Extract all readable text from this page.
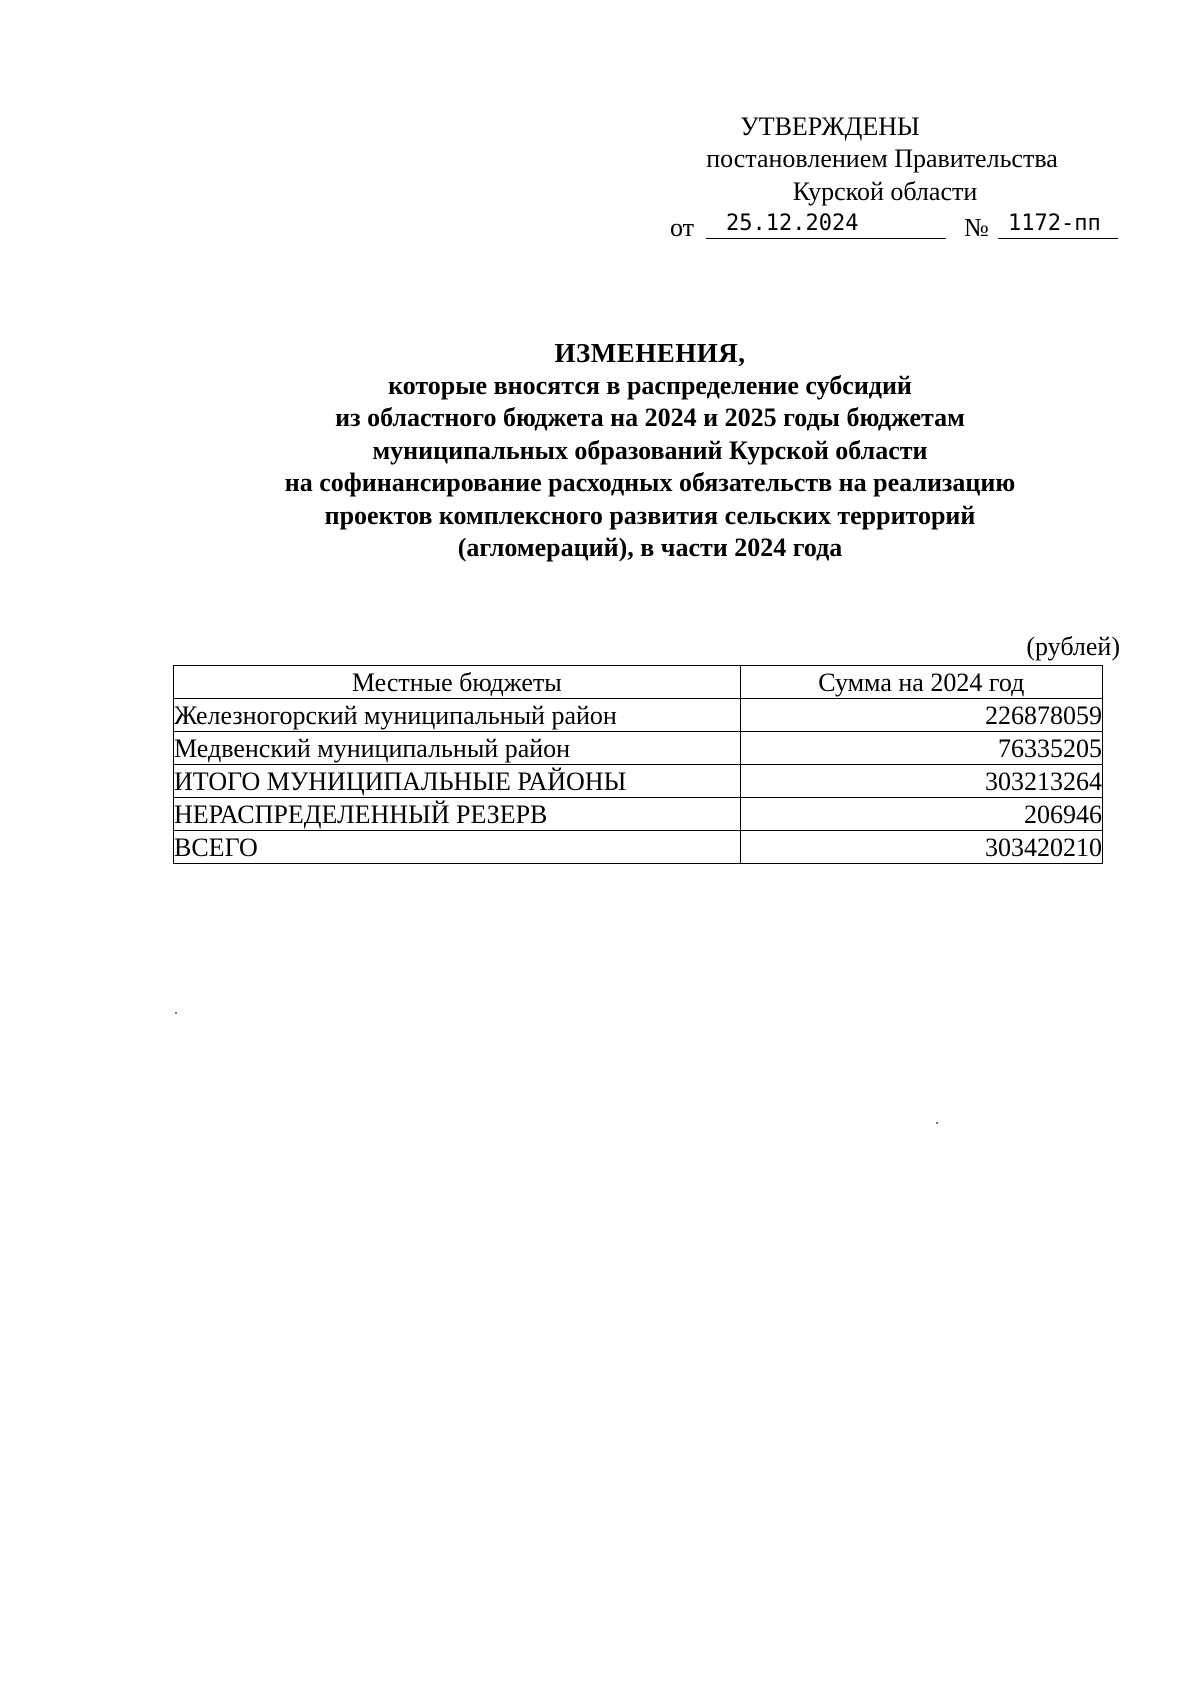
УТВЕРЖДЕНЫ
постановлением Правительства
Курской области
от	25.12.2024	№ 1172-пп
ИЗМЕНЕНИЯ,
которые вносятся в распределение субсидий
из областного бюджета на 2024 и 2025 годы бюджетам
муниципальных образований Курской области
на софинансирование расходных обязательств на реализацию
проектов комплексного развития сельских территорий
(агломераций), в части 2024 года
(рублей)
Местные бюджеты	Сумма на 2024 год
Железногорский муниципальный район	226878059
Медвенский муниципальный район	76335205
ИТОГО МУНИЦИПАЛЬНЫЕ РАЙОНЫ	303213264
НЕРАСПРЕДЕЛЕННЫЙ РЕЗЕРВ	206946
ВСЕГО	303420210
